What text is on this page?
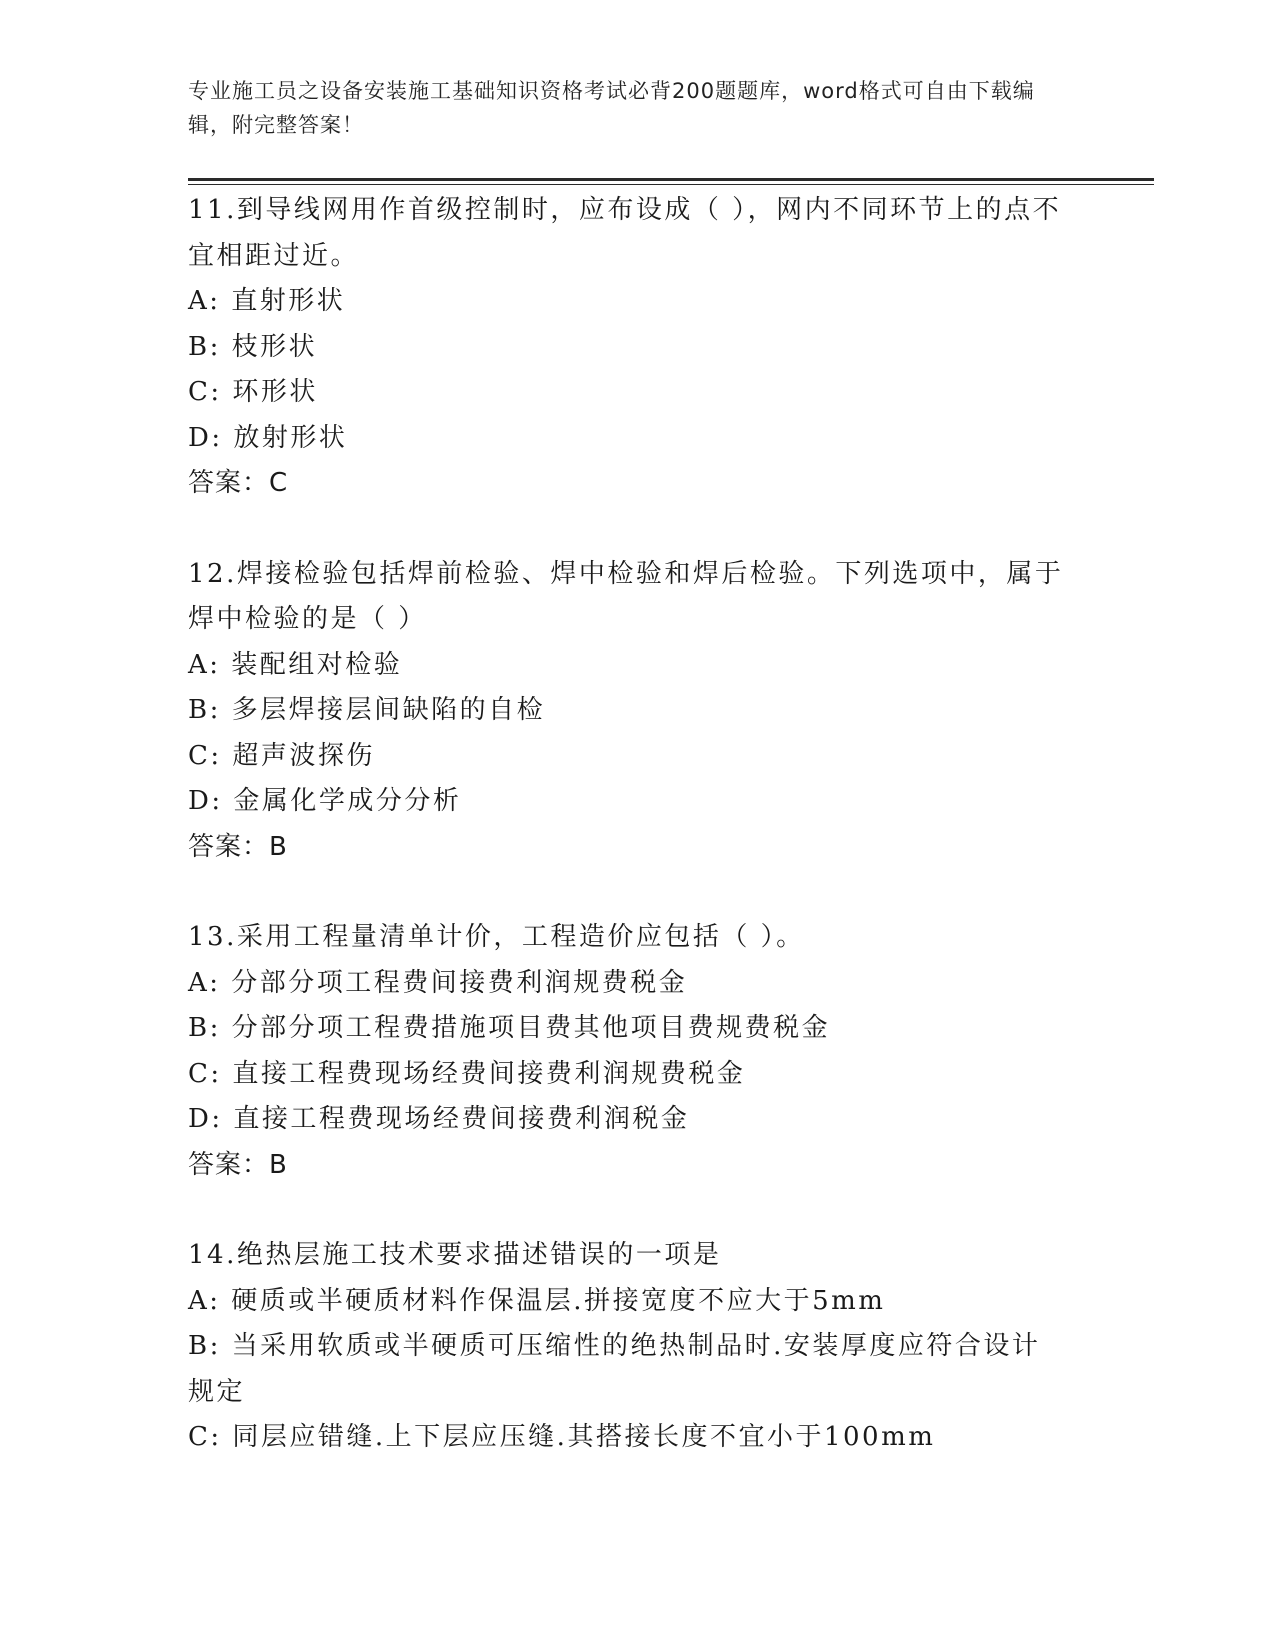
专业施工员之设备安装施工基础知识资格考试必背200题题库，word格式可自由下载编辑，附完整答案！
11.到导线网用作首级控制时，应布设成（ ），网内不同环节上的点不宜相距过近。
A: 直射形状
B: 枝形状
C: 环形状
D: 放射形状
答案：C
12.焊接检验包括焊前检验、焊中检验和焊后检验。下列选项中，属于焊中检验的是（ ）
A: 装配组对检验
B: 多层焊接层间缺陷的自检
C: 超声波探伤
D: 金属化学成分分析
答案：B
13.采用工程量清单计价，工程造价应包括（ ）。
A: 分部分项工程费间接费利润规费税金
B: 分部分项工程费措施项目费其他项目费规费税金
C: 直接工程费现场经费间接费利润规费税金
D: 直接工程费现场经费间接费利润税金
答案：B
14.绝热层施工技术要求描述错误的一项是
A: 硬质或半硬质材料作保温层.拼接宽度不应大于5mm
B: 当采用软质或半硬质可压缩性的绝热制品时.安装厚度应符合设计规定
C: 同层应错缝.上下层应压缝.其搭接长度不宜小于100mm
